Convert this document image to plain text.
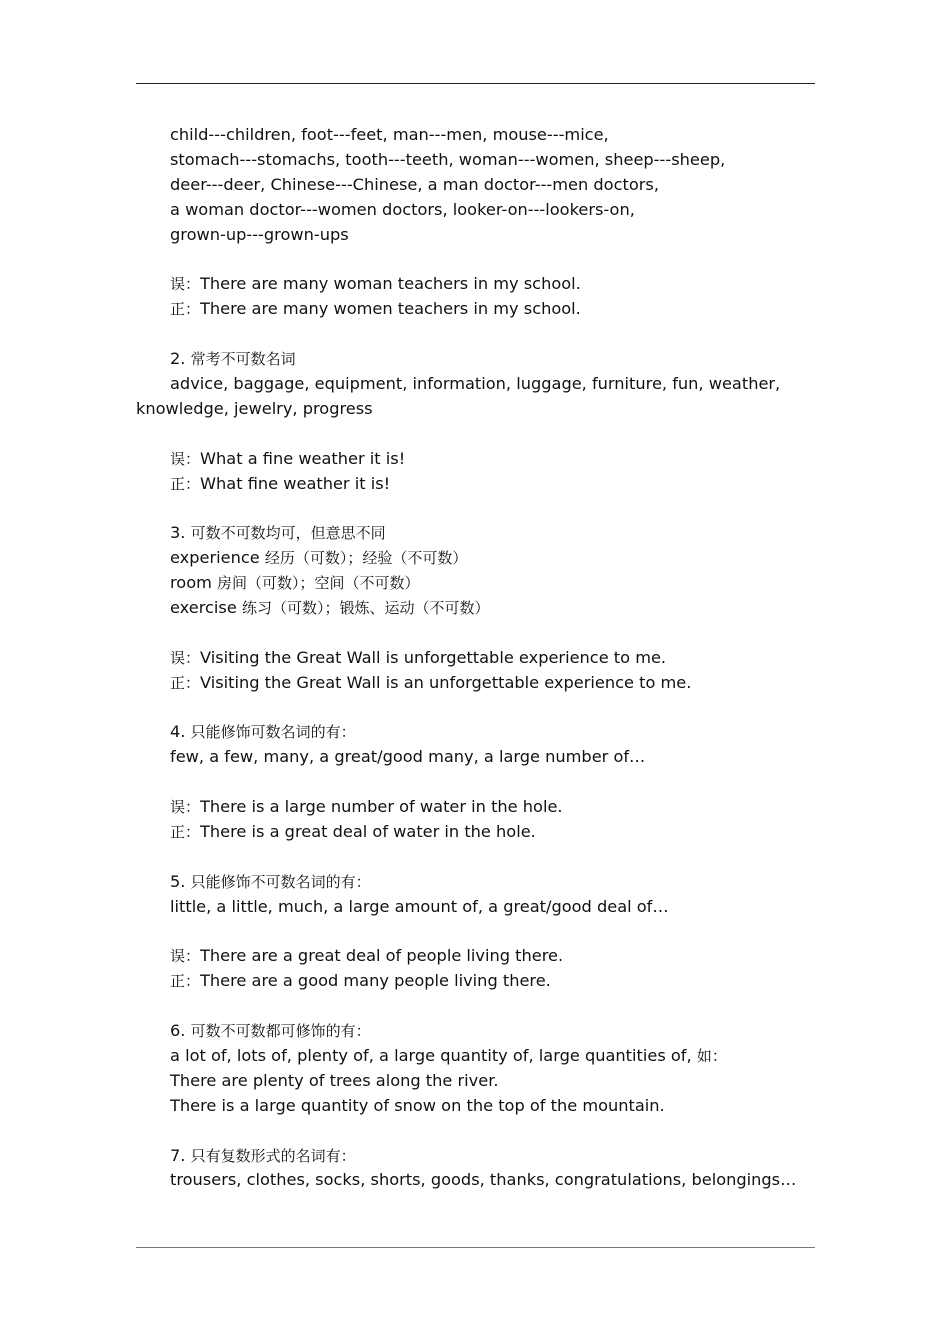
child---children, foot---feet, man---men, mouse---mice,
stomach---stomachs, tooth---teeth, woman---women, sheep---sheep,
deer---deer, Chinese---Chinese, a man doctor---men doctors,
a woman doctor---women doctors, looker-on---lookers-on,
grown-up---grown-ups
误：There are many woman teachers in my school.
正：There are many women teachers in my school.
2. 常考不可数名词
advice, baggage, equipment, information, luggage, furniture, fun, weather, knowledge, jewelry, progress
误：What a fine weather it is!
正：What fine weather it is!
3. 可数不可数均可，但意思不同
experience 经历（可数）；经验（不可数）
room 房间（可数）；空间（不可数）
exercise 练习（可数）；锻炼、运动（不可数）
误：Visiting the Great Wall is unforgettable experience to me.
正：Visiting the Great Wall is an unforgettable experience to me.
4. 只能修饰可数名词的有：
few, a few, many, a great/good many, a large number of…
误：There is a large number of water in the hole.
正：There is a great deal of water in the hole.
5. 只能修饰不可数名词的有：
little, a little, much, a large amount of, a great/good deal of…
误：There are a great deal of people living there.
正：There are a good many people living there.
6. 可数不可数都可修饰的有：
a lot of, lots of, plenty of, a large quantity of, large quantities of, 如：
There are plenty of trees along the river.
There is a large quantity of snow on the top of the mountain.
7. 只有复数形式的名词有：
trousers, clothes, socks, shorts, goods, thanks, congratulations, belongings…
